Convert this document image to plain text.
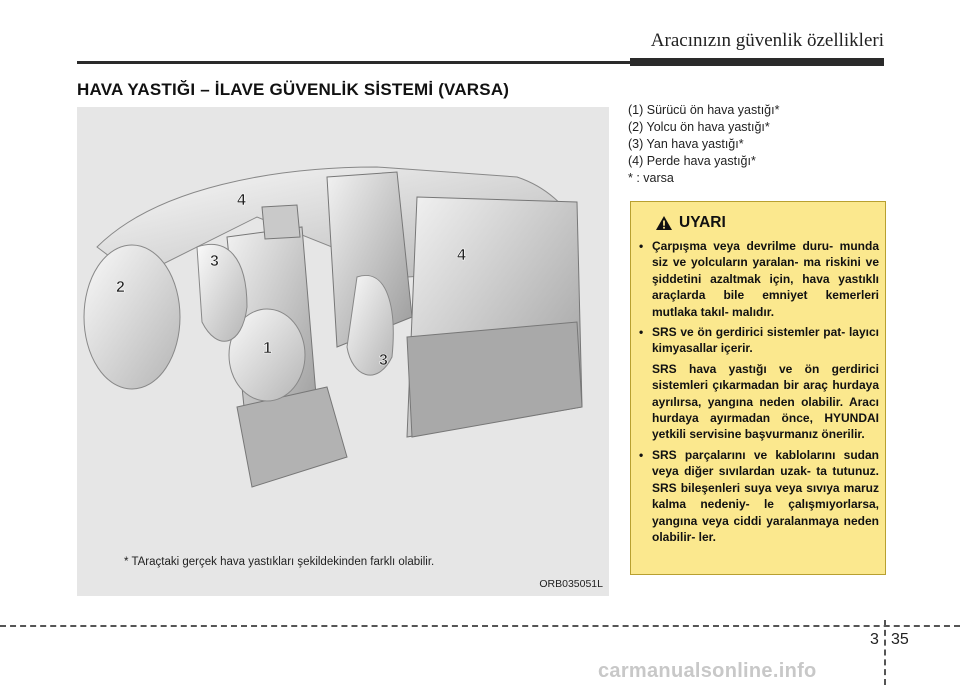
Aracınızın güvenlik özellikleri
HAVA YASTIĞI – İLAVE GÜVENLİK SİSTEMİ (VARSA)
4
4
3
3
2
1
* TAraçtaki gerçek hava yastıkları şekildekinden farklı olabilir.
ORB035051L
(1) Sürücü ön hava yastığı*
(2) Yolcu ön hava yastığı*
(3) Yan hava yastığı*
(4) Perde hava yastığı*
* : varsa
UYARI
• Çarpışma veya devrilme duru- munda siz ve yolcuların yaralan- ma riskini ve şiddetini azaltmak için, hava yastıklı araçlarda bile emniyet kemerleri mutlaka takıl- malıdır.

• SRS ve ön gerdirici sistemler pat- layıcı kimyasallar içerir.

SRS hava yastığı ve ön gerdirici sistemleri çıkarmadan bir araç hurdaya ayrılırsa, yangına neden olabilir. Aracı hurdaya ayırmadan önce, HYUNDAI yetkili servisine başvurmanız önerilir.

• SRS parçalarını ve kablolarını sudan veya diğer sıvılardan uzak- ta tutunuz. SRS bileşenleri suya veya sıvıya maruz kalma nedeniy- le çalışmıyorlarsa, yangına veya ciddi yaralanmaya neden olabilir- ler.
3 35
carmanualsonline.info
